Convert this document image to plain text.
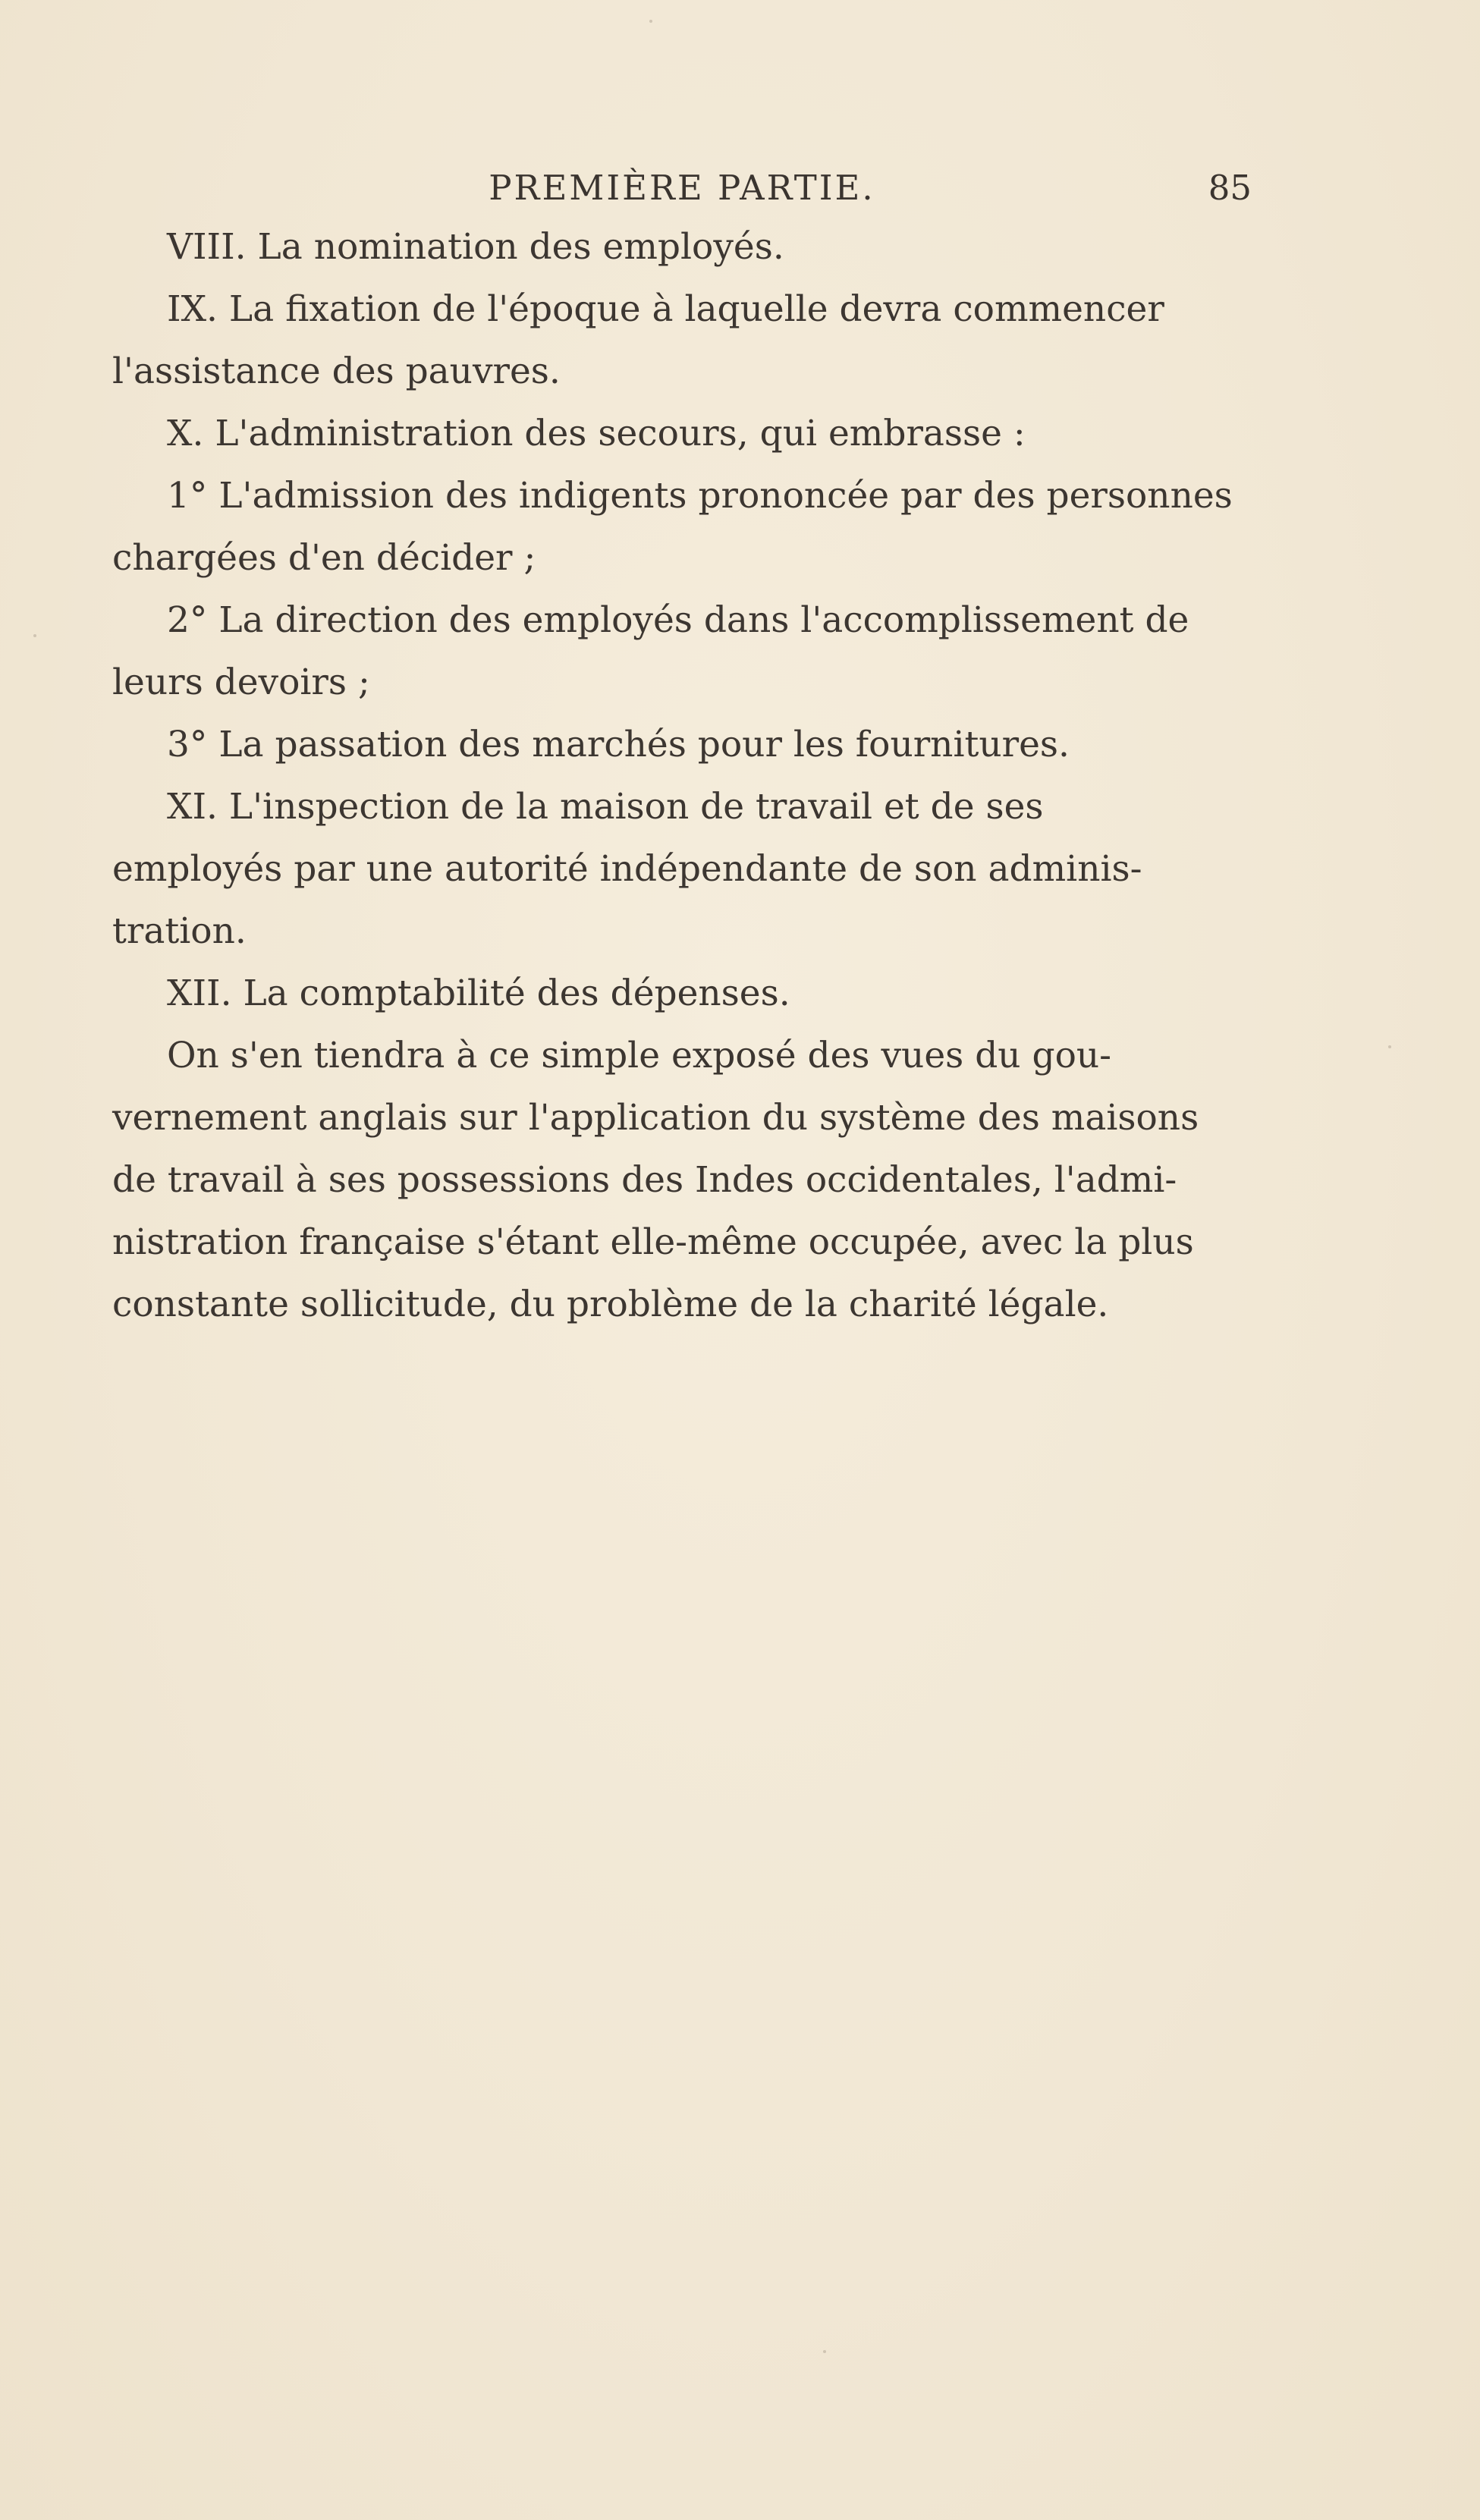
PREMIÈRE PARTIE.	85
VIII. La nomination des employés.
IX. La fixation de l'époque à laquelle devra commencer
l'assistance des pauvres.
X. L'administration des secours, qui embrasse :
1° L'admission des indigents prononcée par des personnes
chargées d'en décider ;
2° La direction des employés dans l'accomplissement de
leurs devoirs ;
3° La passation des marchés pour les fournitures.
XI. L'inspection de la maison de travail et de ses
employés par une autorité indépendante de son adminis-
tration.
XII. La comptabilité des dépenses.
On s'en tiendra à ce simple exposé des vues du gou-
vernement anglais sur l'application du système des maisons
de travail à ses possessions des Indes occidentales, l'admi-
nistration française s'étant elle-même occupée, avec la plus
constante sollicitude, du problème de la charité légale.
